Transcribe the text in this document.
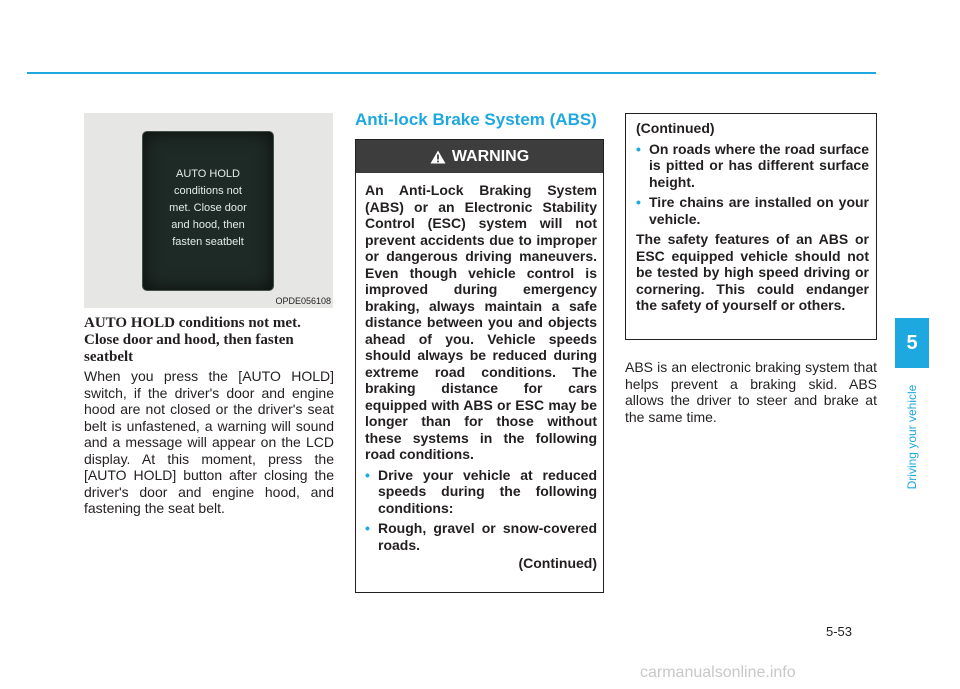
AUTO HOLD
conditions not
met. Close door
and hood, then
fasten seatbelt
OPDE056108
AUTO HOLD conditions not met. Close door and hood, then fasten seatbelt
When you press the [AUTO HOLD] switch, if the driver's door and engine hood are not closed or the driver's seat belt is unfastened, a warning will sound and a message will appear on the LCD display. At this moment, press the [AUTO HOLD] button after closing the driver's door and engine hood, and fastening the seat belt.
Anti-lock Brake System (ABS)
WARNING

An Anti-Lock Braking System (ABS) or an Electronic Stability Control (ESC) system will not prevent accidents due to improper or dangerous driving maneuvers. Even though vehicle control is improved during emergency braking, always maintain a safe distance between you and objects ahead of you. Vehicle speeds should always be reduced during extreme road conditions. The braking distance for cars equipped with ABS or ESC may be longer than for those without these systems in the following road conditions.

• Drive your vehicle at reduced speeds during the following conditions:
• Rough, gravel or snow-covered roads.
(Continued)
(Continued)
• On roads where the road surface is pitted or has different surface height.
• Tire chains are installed on your vehicle.

The safety features of an ABS or ESC equipped vehicle should not be tested by high speed driving or cornering. This could endanger the safety of yourself or others.

ABS is an electronic braking system that helps prevent a braking skid. ABS allows the driver to steer and brake at the same time.
5
Driving your vehicle
5-53
carmanualsonline.info
